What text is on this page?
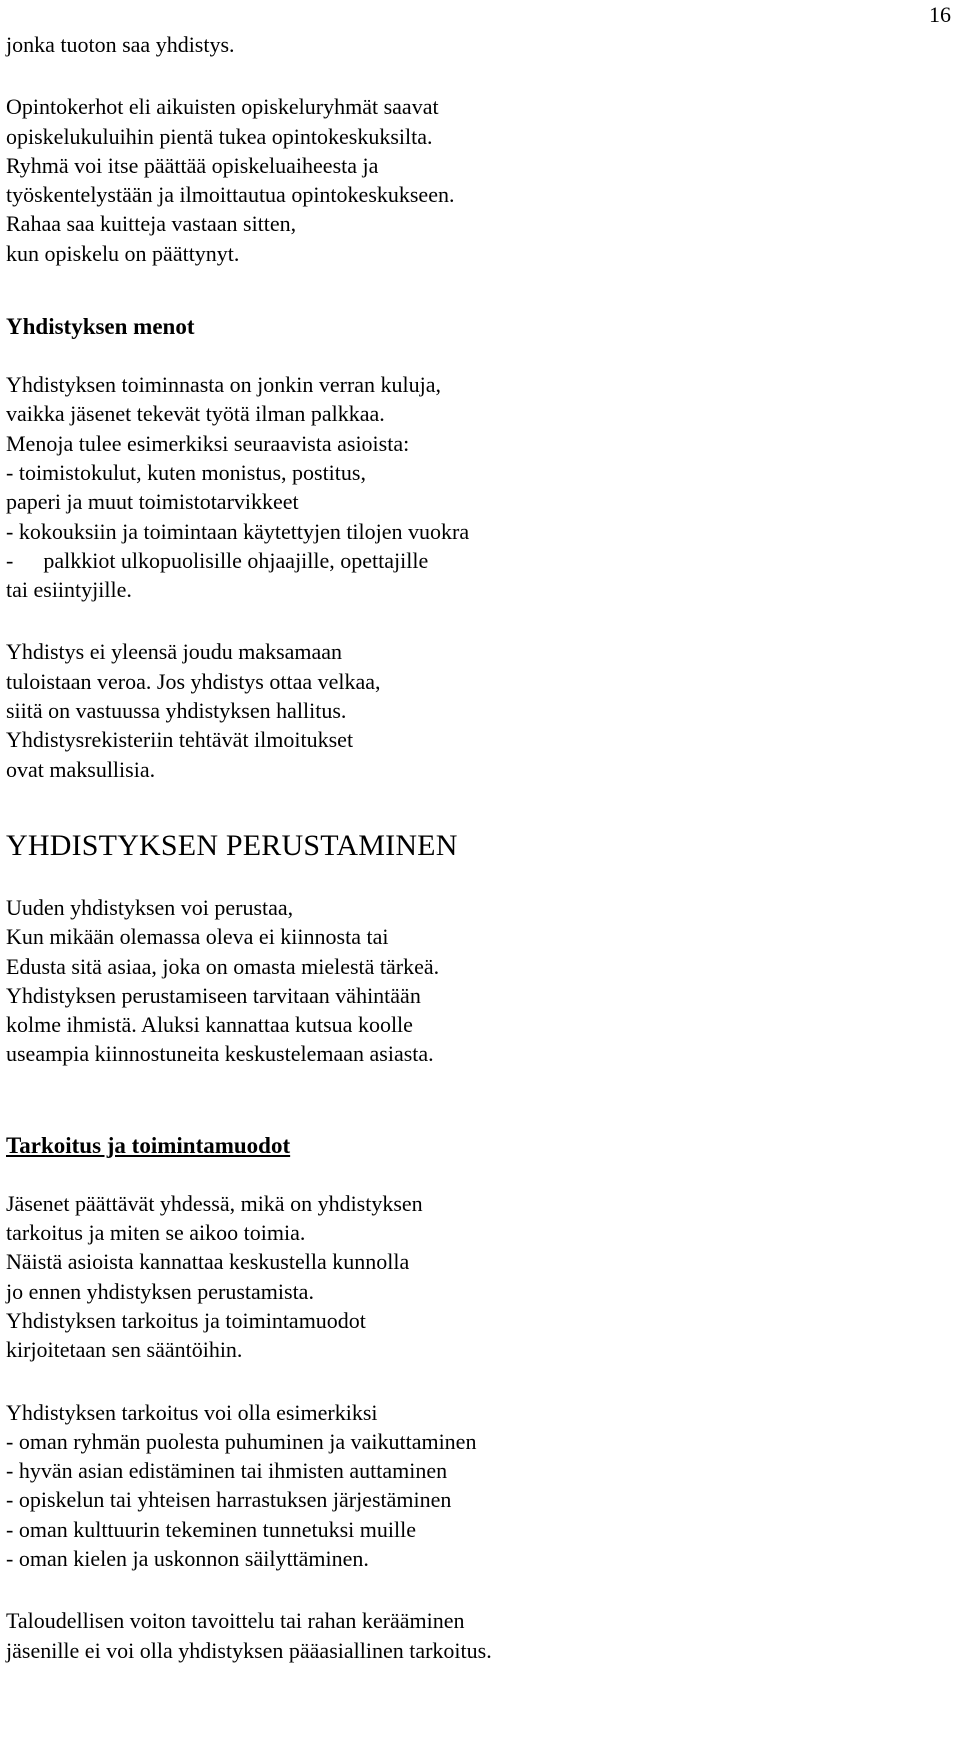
16
jonka tuoton saa yhdistys.
Opintokerhot eli aikuisten opiskeluryhmät saavat
opiskelukuluihin pientä tukea opintokeskuksilta.
Ryhmä voi itse päättää opiskeluaiheesta ja
työskentelystään ja ilmoittautua opintokeskukseen.
Rahaa saa kuitteja vastaan sitten,
kun opiskelu on päättynyt.
Yhdistyksen menot
Yhdistyksen toiminnasta on jonkin verran kuluja,
vaikka jäsenet tekevät työtä ilman palkkaa.
Menoja tulee esimerkiksi seuraavista asioista:
- toimistokulut, kuten monistus, postitus,
paperi ja muut toimistotarvikkeet
- kokouksiin ja toimintaan käytettyjen tilojen vuokra
- palkkiot ulkopuolisille ohjaajille, opettajille
tai esiintyjille.
Yhdistys ei yleensä joudu maksamaan
tuloistaan veroa. Jos yhdistys ottaa velkaa,
siitä on vastuussa yhdistyksen hallitus.
Yhdistysrekisteriin tehtävät ilmoitukset
ovat maksullisia.
YHDISTYKSEN PERUSTAMINEN
Uuden yhdistyksen voi perustaa,
Kun mikään olemassa oleva ei kiinnosta tai
Edusta sitä asiaa, joka on omasta mielestä tärkeä.
Yhdistyksen perustamiseen tarvitaan vähintään
kolme ihmistä. Aluksi kannattaa kutsua koolle
useampia kiinnostuneita keskustelemaan asiasta.
Tarkoitus ja toimintamuodot
Jäsenet päättävät yhdessä, mikä on yhdistyksen
tarkoitus ja miten se aikoo toimia.
Näistä asioista kannattaa keskustella kunnolla
jo ennen yhdistyksen perustamista.
Yhdistyksen tarkoitus ja toimintamuodot
kirjoitetaan sen sääntöihin.
Yhdistyksen tarkoitus voi olla esimerkiksi
- oman ryhmän puolesta puhuminen ja vaikuttaminen
- hyvän asian edistäminen tai ihmisten auttaminen
- opiskelun tai yhteisen harrastuksen järjestäminen
- oman kulttuurin tekeminen tunnetuksi muille
- oman kielen ja uskonnon säilyttäminen.
Taloudellisen voiton tavoittelu tai rahan kerääminen
jäsenille ei voi olla yhdistyksen pääasiallinen tarkoitus.
